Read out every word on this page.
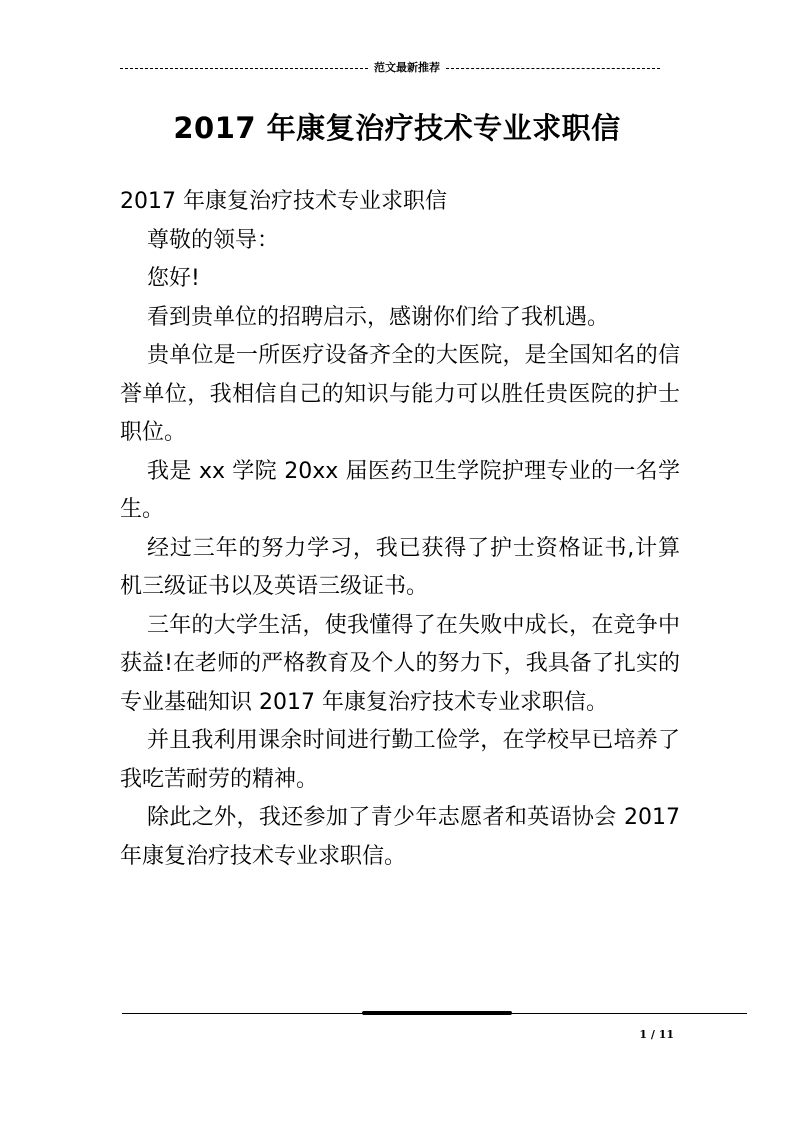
范文最新推荐
2017 年康复治疗技术专业求职信

2017 年康复治疗技术专业求职信

尊敬的领导：

您好!

看到贵单位的招聘启示，感谢你们给了我机遇。

贵单位是一所医疗设备齐全的大医院，是全国知名的信誉单位，我相信自己的知识与能力可以胜任贵医院的护士职位。

我是 xx 学院 20xx 届医药卫生学院护理专业的一名学生。

经过三年的努力学习，我已获得了护士资格证书,计算机三级证书以及英语三级证书。

三年的大学生活，使我懂得了在失败中成长，在竞争中获益!在老师的严格教育及个人的努力下，我具备了扎实的专业基础知识 2017 年康复治疗技术专业求职信。

并且我利用课余时间进行勤工俭学，在学校早已培养了我吃苦耐劳的精神。

除此之外，我还参加了青少年志愿者和英语协会 2017 年康复治疗技术专业求职信。

1 / 11
